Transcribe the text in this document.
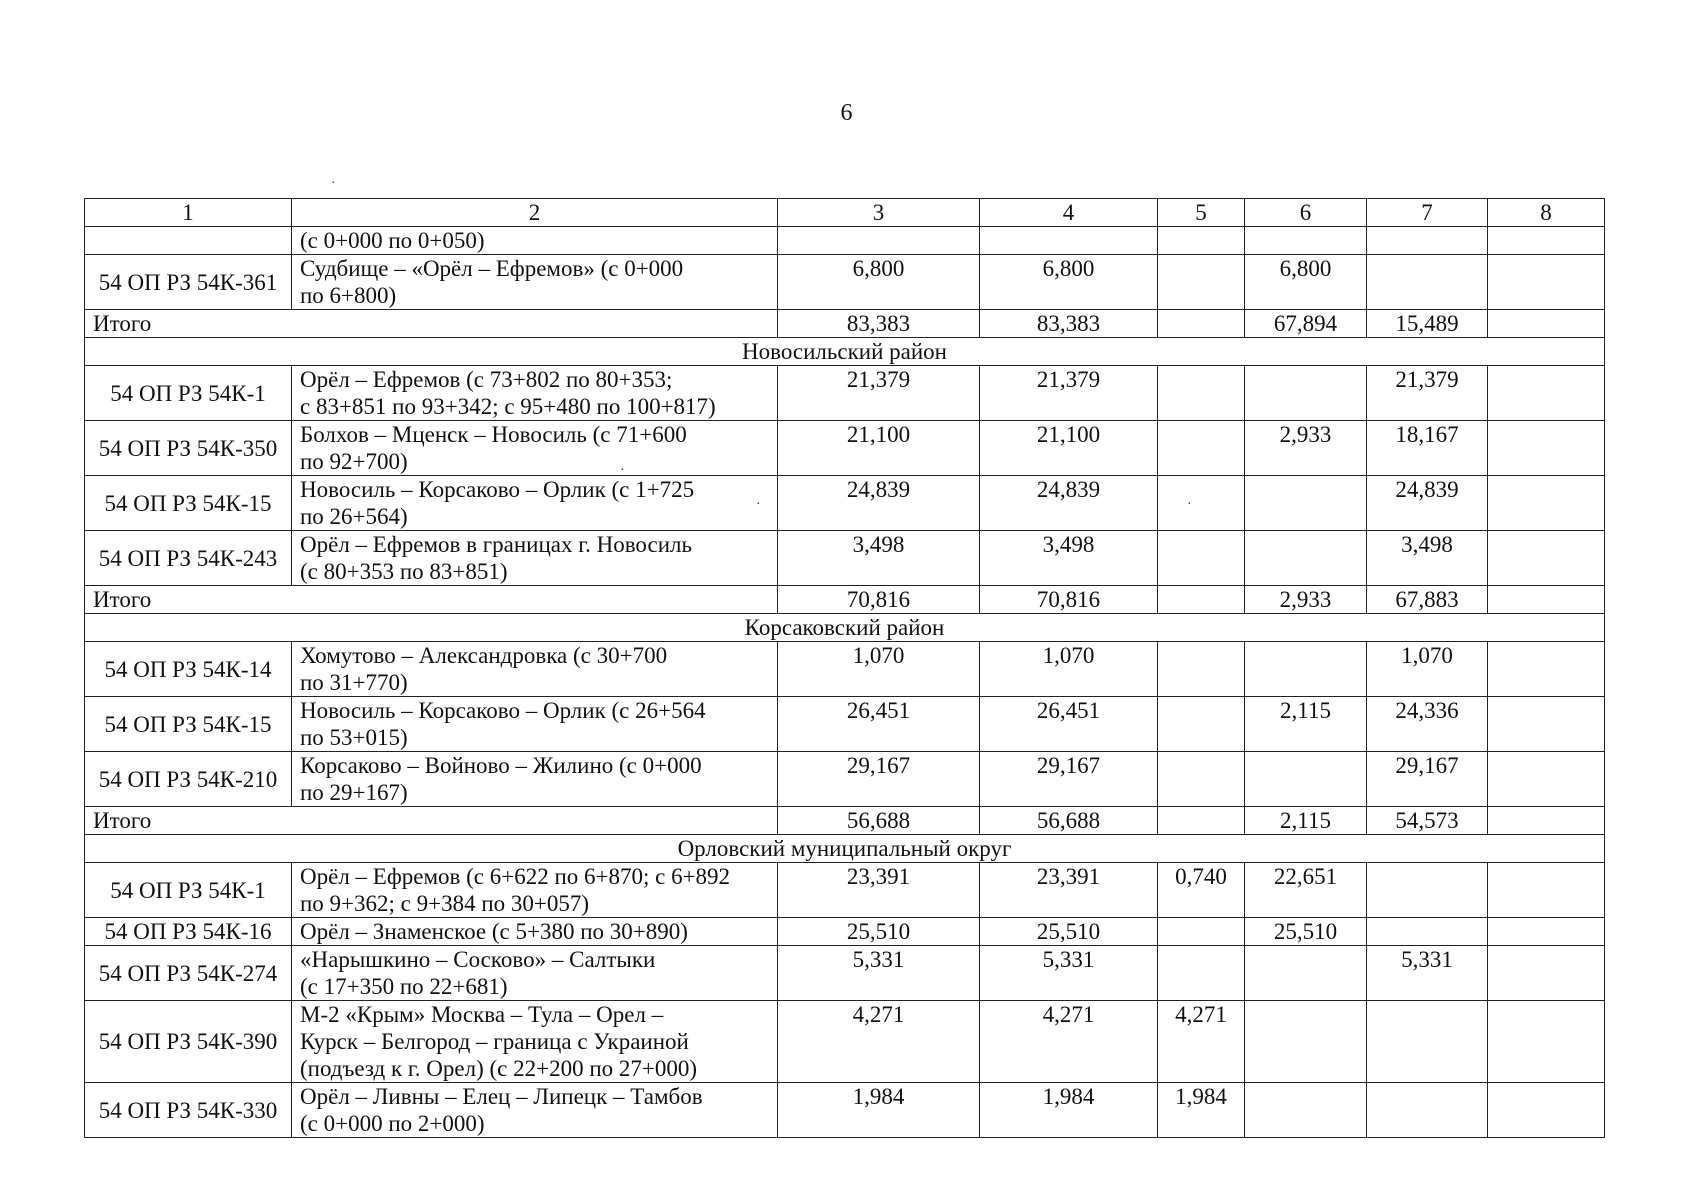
6
·
·
·	·
1	2	3	4	5	6	7	8

	(с 0+000 по 0+050)						

54 ОП РЗ 54К-361	Судбище – «Орёл – Ефремов» (с 0+000
по 6+800)	6,800	6,800		6,800		
Итого		83,383	83,383		67,894	15,489	
Новосильский район							
54 ОП РЗ 54К-1	Орёл – Ефремов (с 73+802 по 80+353;
с 83+851 по 93+342; с 95+480 по 100+817)	21,379	21,379			21,379	
54 ОП РЗ 54К-350	Болхов – Мценск – Новосиль (с 71+600
по 92+700)	21,100	21,100		2,933	18,167	
54 ОП РЗ 54К-15	Новосиль – Корсаково – Орлик (с 1+725
по 26+564)	24,839	24,839			24,839	
54 ОП РЗ 54К-243	Орёл – Ефремов в границах г. Новосиль
(с 80+353 по 83+851)	3,498	3,498			3,498	
Итого		70,816	70,816		2,933	67,883	
Корсаковский район							
54 ОП РЗ 54К-14	Хомутово – Александровка (с 30+700
по 31+770)	1,070	1,070			1,070	
54 ОП РЗ 54К-15	Новосиль – Корсаково – Орлик (с 26+564
по 53+015)	26,451	26,451		2,115	24,336	
54 ОП РЗ 54К-210	Корсаково – Войново – Жилино (с 0+000
по 29+167)	29,167	29,167			29,167	
Итого		56,688	56,688		2,115	54,573	
Орловский муниципальный округ							
54 ОП РЗ 54К-1	Орёл – Ефремов (с 6+622 по 6+870; с 6+892
по 9+362; с 9+384 по 30+057)	23,391	23,391	0,740	22,651		
54 ОП РЗ 54К-16	Орёл – Знаменское (с 5+380 по 30+890)	25,510	25,510		25,510		
54 ОП РЗ 54К-274	«Нарышкино – Сосково» – Салтыки
(с 17+350 по 22+681)	5,331	5,331			5,331	
54 ОП РЗ 54К-390	М-2 «Крым» Москва – Тула – Орел –
Курск – Белгород – граница с Украиной
(подъезд к г. Орел) (с 22+200 по 27+000)	4,271	4,271	4,271			
54 ОП РЗ 54К-330	Орёл – Ливны – Елец – Липецк – Тамбов
(с 0+000 по 2+000)	1,984	1,984	1,984			
